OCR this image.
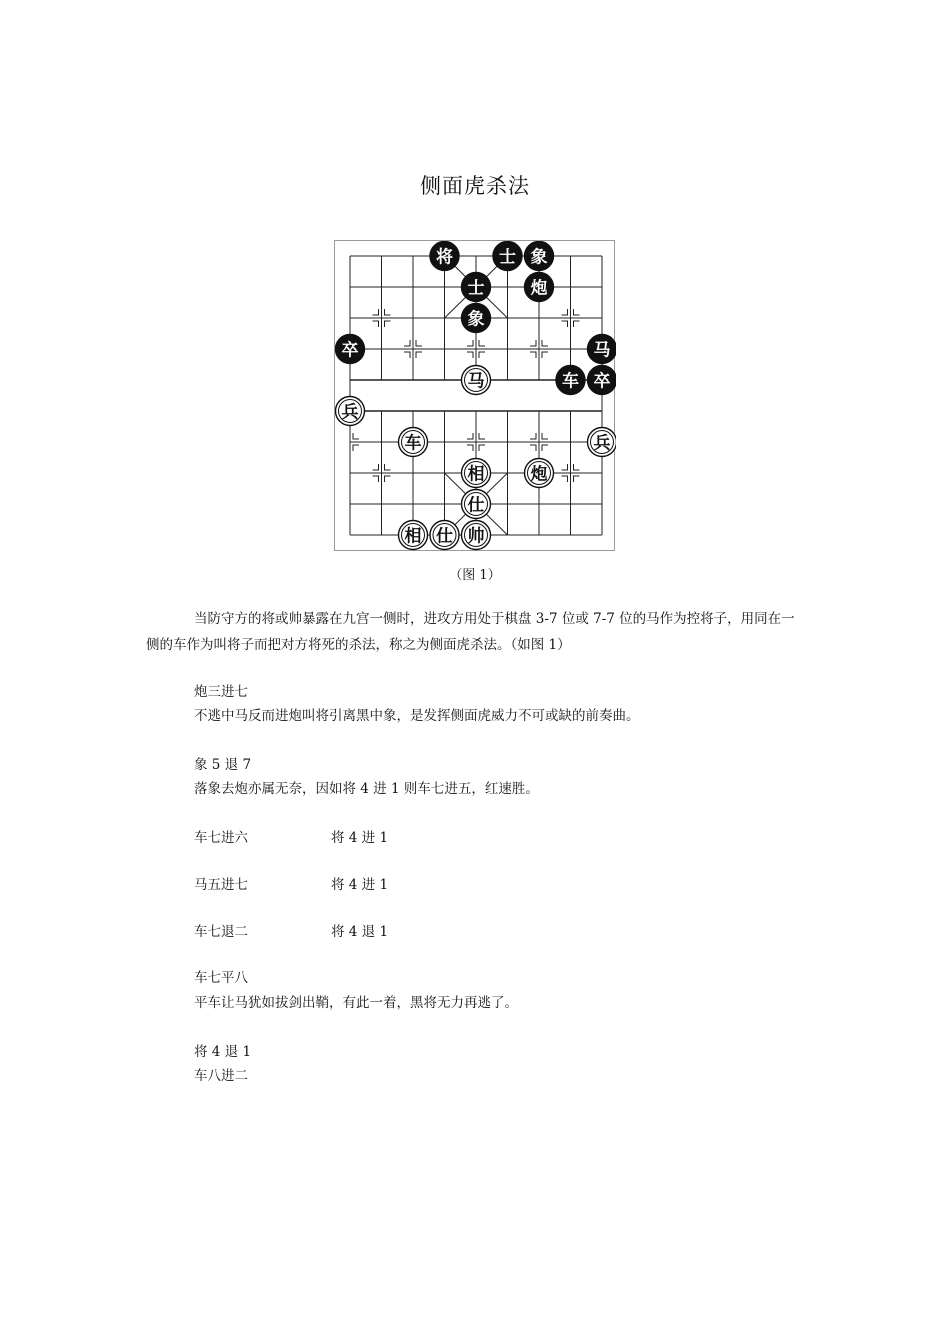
侧面虎杀法
将	士 象
士	炮
象
卒	马
马	车 卒
兵
车	兵
相	炮
仕
相 仕 帅
（图 1）
当防守方的将或帅暴露在九宫一侧时，进攻方用处于棋盘 3-7 位或 7-7 位的马作为控将子，用同在一侧的车作为叫将子而把对方将死的杀法，称之为侧面虎杀法。（如图 1）
炮三进七
不逃中马反而进炮叫将引离黑中象，是发挥侧面虎威力不可或缺的前奏曲。
象 5 退 7
落象去炮亦属无奈，因如将 4 进 1 则车七进五，红速胜。
车七进六	将 4 进 1
马五进七	将 4 进 1
车七退二	将 4 退 1
车七平八
平车让马犹如拔剑出鞘，有此一着，黑将无力再逃了。
将 4 退 1
车八进二
